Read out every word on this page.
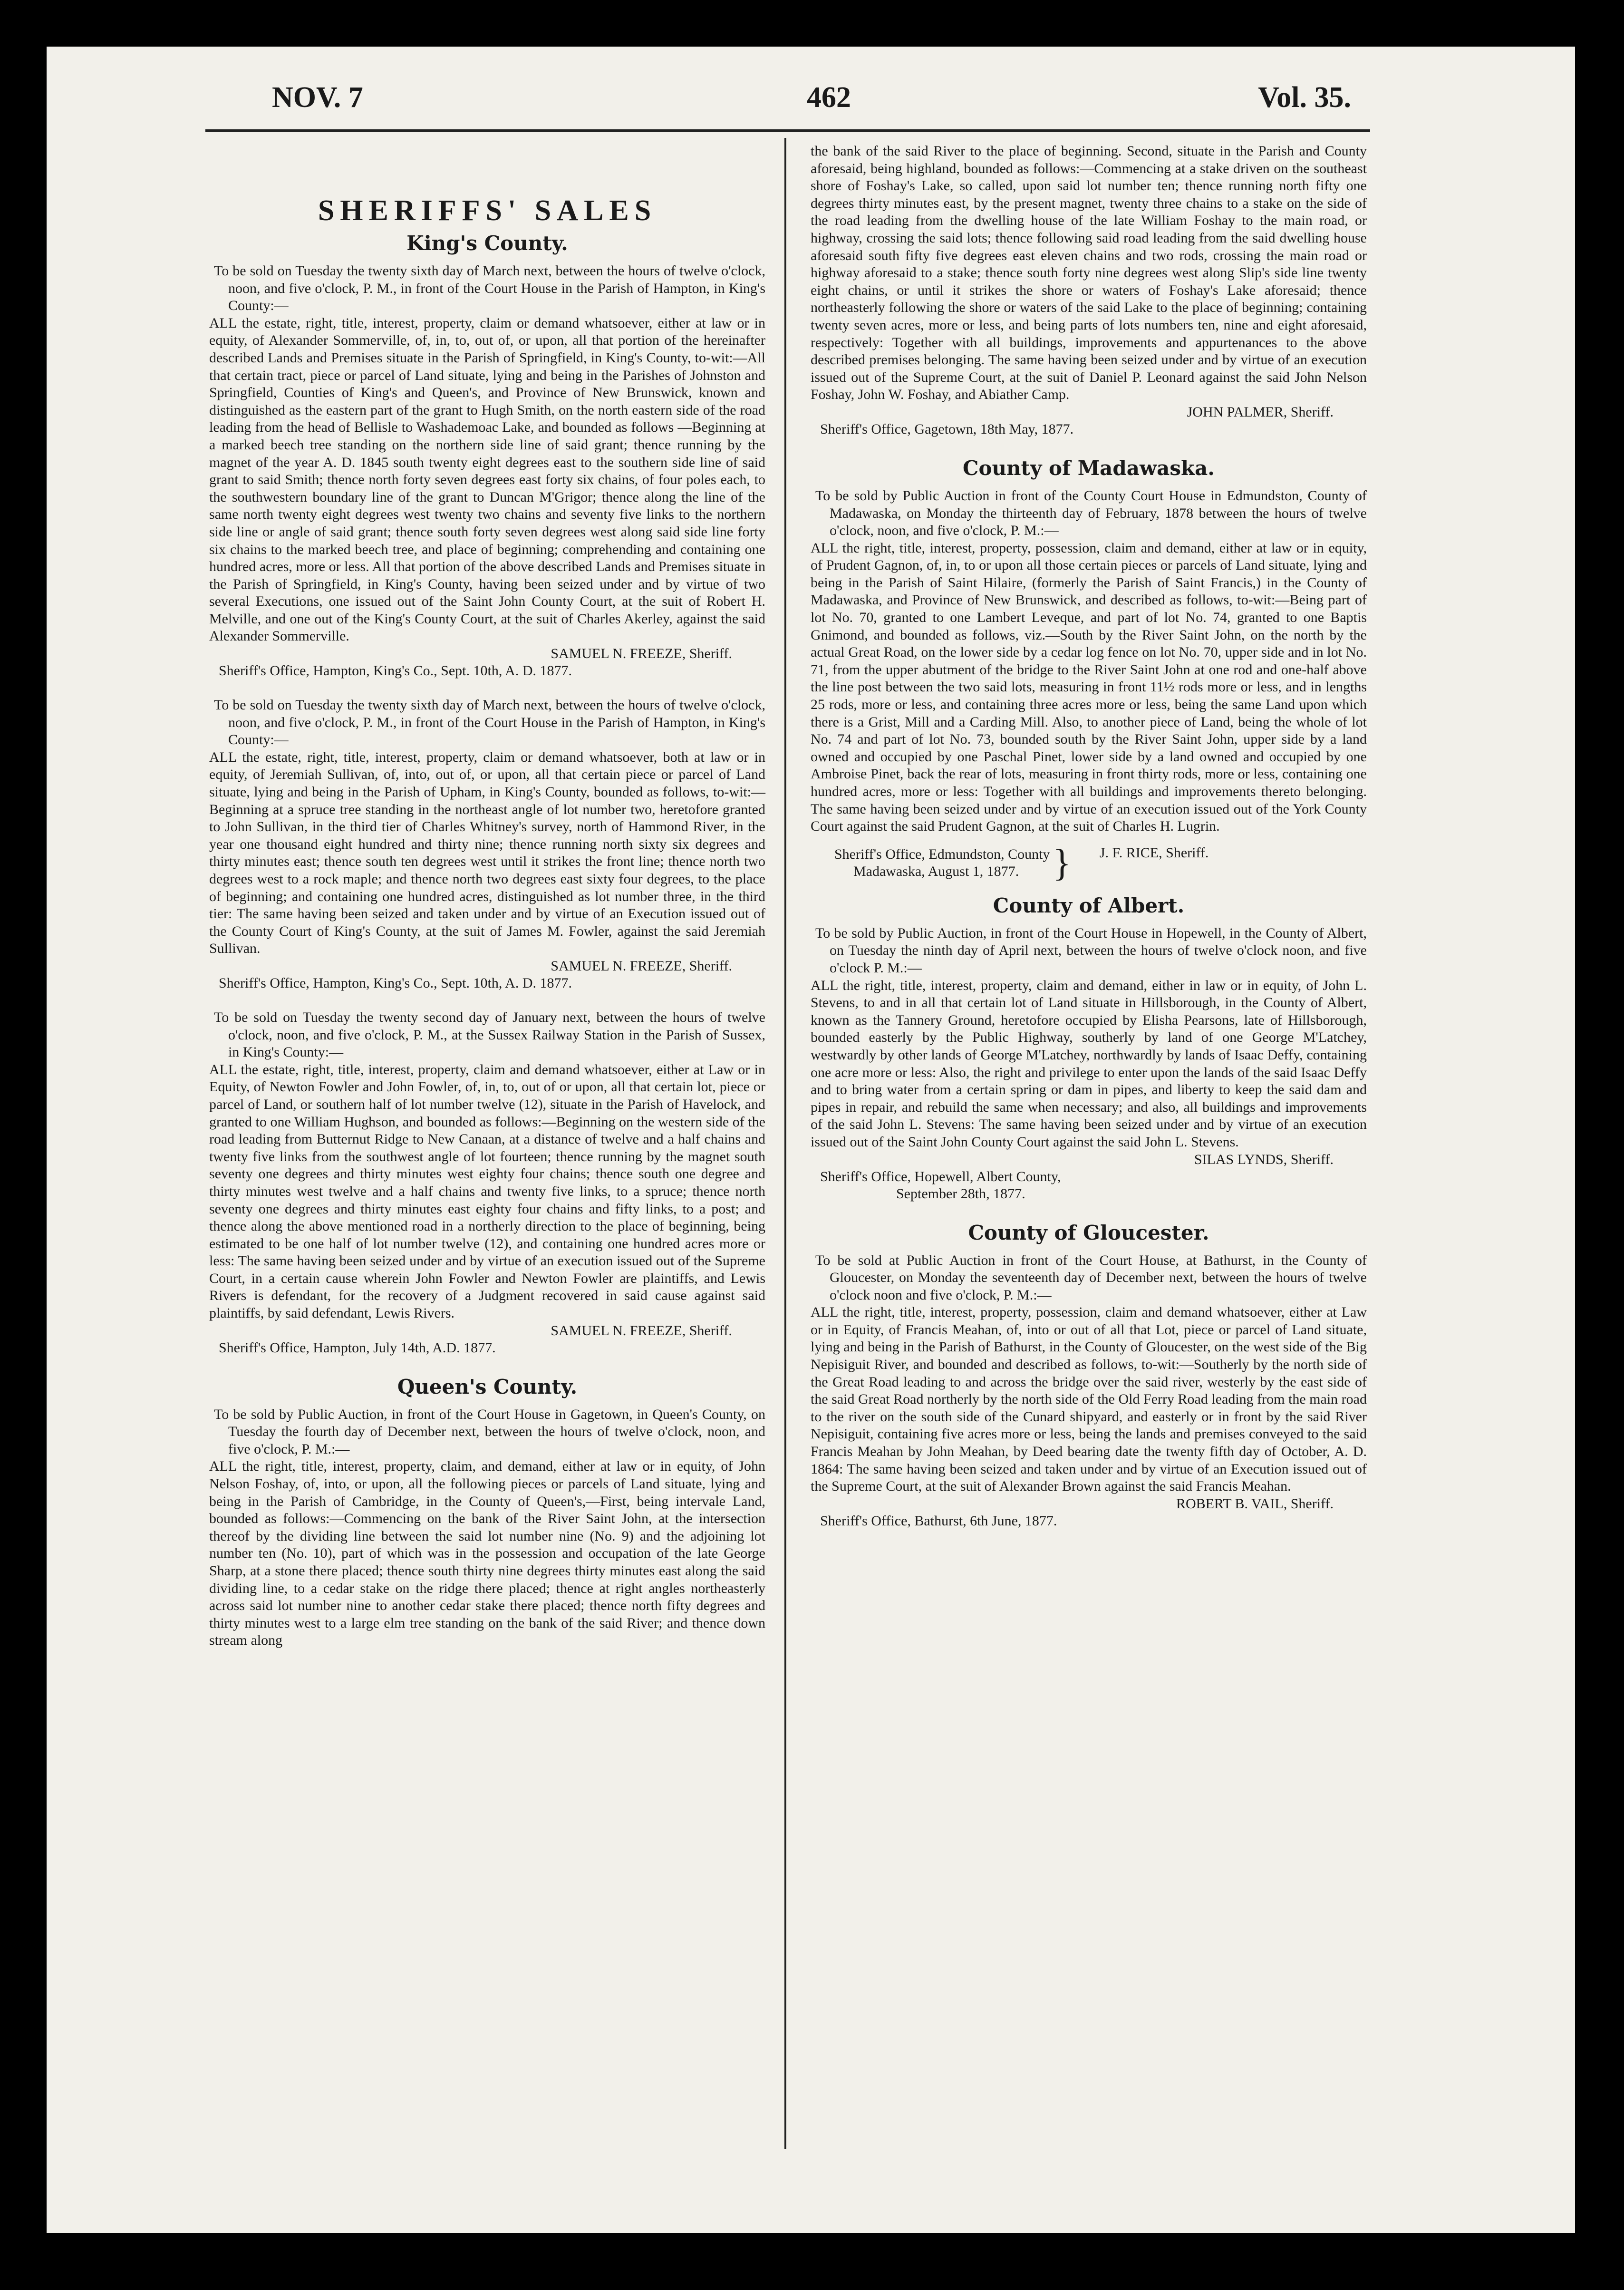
NOV. 7	462	Vol. 35.
SHERIFFS' SALES
King's County.

To be sold on Tuesday the twenty sixth day of March next, between the hours of twelve o'clock, noon, and five o'clock, P. M., in front of the Court House in the Parish of Hampton, in King's County:—

ALL the estate, right, title, interest, property, claim or demand whatsoever, either at law or in equity, of Alexander Sommerville, of, in, to, out of, or upon, all that portion of the hereinafter described Lands and Premises situate in the Parish of Springfield, in King's County, to-wit:—All that certain tract, piece or parcel of Land situate, lying and being in the Parishes of Johnston and Springfield, Counties of King's and Queen's, and Province of New Brunswick, known and distinguished as the eastern part of the grant to Hugh Smith, on the north eastern side of the road leading from the head of Bellisle to Washademoac Lake, and bounded as follows —Beginning at a marked beech tree standing on the northern side line of said grant; thence running by the magnet of the year A. D. 1845 south twenty eight degrees east to the southern side line of said grant to said Smith; thence north forty seven degrees east forty six chains, of four poles each, to the southwestern boundary line of the grant to Duncan M'Grigor; thence along the line of the same north twenty eight degrees west twenty two chains and seventy five links to the northern side line or angle of said grant; thence south forty seven degrees west along said side line forty six chains to the marked beech tree, and place of beginning; comprehending and containing one hundred acres, more or less. All that portion of the above described Lands and Premises situate in the Parish of Springfield, in King's County, having been seized under and by virtue of two several Executions, one issued out of the Saint John County Court, at the suit of Robert H. Melville, and one out of the King's County Court, at the suit of Charles Akerley, against the said Alexander Sommerville.

SAMUEL N. FREEZE, Sheriff.
Sheriff's Office, Hampton, King's Co., Sept. 10th, A. D. 1877.

To be sold on Tuesday the twenty sixth day of March next, between the hours of twelve o'clock, noon, and five o'clock, P. M., in front of the Court House in the Parish of Hampton, in King's County:—

ALL the estate, right, title, interest, property, claim or demand whatsoever, both at law or in equity, of Jeremiah Sullivan, of, into, out of, or upon, all that certain piece or parcel of Land situate, lying and being in the Parish of Upham, in King's County, bounded as follows, to-wit:—Beginning at a spruce tree standing in the northeast angle of lot number two, heretofore granted to John Sullivan, in the third tier of Charles Whitney's survey, north of Hammond River, in the year one thousand eight hundred and thirty nine; thence running north sixty six degrees and thirty minutes east; thence south ten degrees west until it strikes the front line; thence north two degrees west to a rock maple; and thence north two degrees east sixty four degrees, to the place of beginning; and containing one hundred acres, distinguished as lot number three, in the third tier: The same having been seized and taken under and by virtue of an Execution issued out of the County Court of King's County, at the suit of James M. Fowler, against the said Jeremiah Sullivan.

SAMUEL N. FREEZE, Sheriff.
Sheriff's Office, Hampton, King's Co., Sept. 10th, A. D. 1877.

To be sold on Tuesday the twenty second day of January next, between the hours of twelve o'clock, noon, and five o'clock, P. M., at the Sussex Railway Station in the Parish of Sussex, in King's County:—

ALL the estate, right, title, interest, property, claim and demand whatsoever, either at Law or in Equity, of Newton Fowler and John Fowler, of, in, to, out of or upon, all that certain lot, piece or parcel of Land, or southern half of lot number twelve (12), situate in the Parish of Havelock, and granted to one William Hughson, and bounded as follows:—Beginning on the western side of the road leading from Butternut Ridge to New Canaan, at a distance of twelve and a half chains and twenty five links from the southwest angle of lot fourteen; thence running by the magnet south seventy one degrees and thirty minutes west eighty four chains; thence south one degree and thirty minutes west twelve and a half chains and twenty five links, to a spruce; thence north seventy one degrees and thirty minutes east eighty four chains and fifty links, to a post; and thence along the above mentioned road in a northerly direction to the place of beginning, being estimated to be one half of lot number twelve (12), and containing one hundred acres more or less: The same having been seized under and by virtue of an execution issued out of the Supreme Court, in a certain cause wherein John Fowler and Newton Fowler are plaintiffs, and Lewis Rivers is defendant, for the recovery of a Judgment recovered in said cause against said plaintiffs, by said defendant, Lewis Rivers.

SAMUEL N. FREEZE, Sheriff.
Sheriff's Office, Hampton, July 14th, A.D. 1877.
Queen's County.

To be sold by Public Auction, in front of the Court House in Gagetown, in Queen's County, on Tuesday the fourth day of December next, between the hours of twelve o'clock, noon, and five o'clock, P. M.:—

ALL the right, title, interest, property, claim, and demand, either at law or in equity, of John Nelson Foshay, of, into, or upon, all the following pieces or parcels of Land situate, lying and being in the Parish of Cambridge, in the County of Queen's,—First, being intervale Land, bounded as follows:—Commencing on the bank of the River Saint John, at the intersection thereof by the dividing line between the said lot number nine (No. 9) and the adjoining lot number ten (No. 10), part of which was in the possession and occupation of the late George Sharp, at a stone there placed; thence south thirty nine degrees thirty minutes east along the said dividing line, to a cedar stake on the ridge there placed; thence at right angles northeasterly across said lot number nine to another cedar stake there placed; thence north fifty degrees and thirty minutes west to a large elm tree standing on the bank of the said River; and thence down stream along

the bank of the said River to the place of beginning. Second, situate in the Parish and County aforesaid, being highland, bounded as follows:—Commencing at a stake driven on the southeast shore of Foshay's Lake, so called, upon said lot number ten; thence running north fifty one degrees thirty minutes east, by the present magnet, twenty three chains to a stake on the side of the road leading from the dwelling house of the late William Foshay to the main road, or highway, crossing the said lots; thence following said road leading from the said dwelling house aforesaid south fifty five degrees east eleven chains and two rods, crossing the main road or highway aforesaid to a stake; thence south forty nine degrees west along Slip's side line twenty eight chains, or until it strikes the shore or waters of Foshay's Lake aforesaid; thence northeasterly following the shore or waters of the said Lake to the place of beginning; containing twenty seven acres, more or less, and being parts of lots numbers ten, nine and eight aforesaid, respectively: Together with all buildings, improvements and appurtenances to the above described premises belonging. The same having been seized under and by virtue of an execution issued out of the Supreme Court, at the suit of Daniel P. Leonard against the said John Nelson Foshay, John W. Foshay, and Abiather Camp.

JOHN PALMER, Sheriff.
Sheriff's Office, Gagetown, 18th May, 1877.
County of Madawaska.

To be sold by Public Auction in front of the County Court House in Edmundston, County of Madawaska, on Monday the thirteenth day of February, 1878 between the hours of twelve o'clock, noon, and five o'clock, P. M.:—

ALL the right, title, interest, property, possession, claim and demand, either at law or in equity, of Prudent Gagnon, of, in, to or upon all those certain pieces or parcels of Land situate, lying and being in the Parish of Saint Hilaire, (formerly the Parish of Saint Francis,) in the County of Madawaska, and Province of New Brunswick, and described as follows, to-wit:—Being part of lot No. 70, granted to one Lambert Leveque, and part of lot No. 74, granted to one Baptis Gnimond, and bounded as follows, viz.—South by the River Saint John, on the north by the actual Great Road, on the lower side by a cedar log fence on lot No. 70, upper side and in lot No. 71, from the upper abutment of the bridge to the River Saint John at one rod and one-half above the line post between the two said lots, measuring in front 11½ rods more or less, and in lengths 25 rods, more or less, and containing three acres more or less, being the same Land upon which there is a Grist, Mill and a Carding Mill. Also, to another piece of Land, being the whole of lot No. 74 and part of lot No. 73, bounded south by the River Saint John, upper side by a land owned and occupied by one Paschal Pinet, lower side by a land owned and occupied by one Ambroise Pinet, back the rear of lots, measuring in front thirty rods, more or less, containing one hundred acres, more or less: Together with all buildings and improvements thereto belonging. The same having been seized under and by virtue of an execution issued out of the York County Court against the said Prudent Gagnon, at the suit of Charles H. Lugrin.

Sheriff's Office, Edmundston, County
Madawaska, August 1, 1877. } J. F. RICE, Sheriff.
County of Albert.

To be sold by Public Auction, in front of the Court House in Hopewell, in the County of Albert, on Tuesday the ninth day of April next, between the hours of twelve o'clock noon, and five o'clock P. M.:—

ALL the right, title, interest, property, claim and demand, either in law or in equity, of John L. Stevens, to and in all that certain lot of Land situate in Hillsborough, in the County of Albert, known as the Tannery Ground, heretofore occupied by Elisha Pearsons, late of Hillsborough, bounded easterly by the Public Highway, southerly by land of one George M'Latchey, westwardly by other lands of George M'Latchey, northwardly by lands of Isaac Deffy, containing one acre more or less: Also, the right and privilege to enter upon the lands of the said Isaac Deffy and to bring water from a certain spring or dam in pipes, and liberty to keep the said dam and pipes in repair, and rebuild the same when necessary; and also, all buildings and improvements of the said John L. Stevens: The same having been seized under and by virtue of an execution issued out of the Saint John County Court against the said John L. Stevens.

SILAS LYNDS, Sheriff.
Sheriff's Office, Hopewell, Albert County,
September 28th, 1877.
County of Gloucester.

To be sold at Public Auction in front of the Court House, at Bathurst, in the County of Gloucester, on Monday the seventeenth day of December next, between the hours of twelve o'clock noon and five o'clock, P. M.:—

ALL the right, title, interest, property, possession, claim and demand whatsoever, either at Law or in Equity, of Francis Meahan, of, into or out of all that Lot, piece or parcel of Land situate, lying and being in the Parish of Bathurst, in the County of Gloucester, on the west side of the Big Nepisiguit River, and bounded and described as follows, to-wit:—Southerly by the north side of the Great Road leading to and across the bridge over the said river, westerly by the east side of the said Great Road northerly by the north side of the Old Ferry Road leading from the main road to the river on the south side of the Cunard shipyard, and easterly or in front by the said River Nepisiguit, containing five acres more or less, being the lands and premises conveyed to the said Francis Meahan by John Meahan, by Deed bearing date the twenty fifth day of October, A. D. 1864: The same having been seized and taken under and by virtue of an Execution issued out of the Supreme Court, at the suit of Alexander Brown against the said Francis Meahan.

ROBERT B. VAIL, Sheriff.
Sheriff's Office, Bathurst, 6th June, 1877.
